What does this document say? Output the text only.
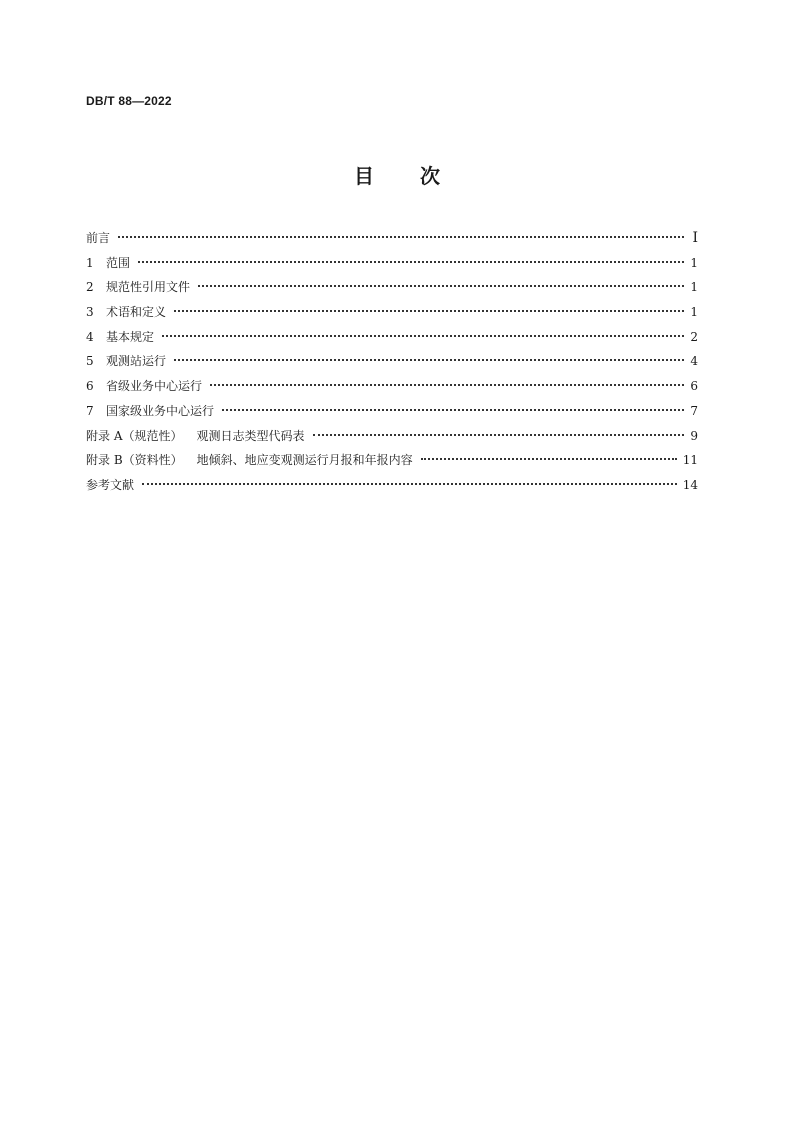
DB/T 88—2022
目 次
前言	I
1 范围	1
2 规范性引用文件	1
3 术语和定义	1
4 基本规定	2
5 观测站运行	4
6 省级业务中心运行	6
7 国家级业务中心运行	7
附录 A（规范性） 观测日志类型代码表	9
附录 B（资料性） 地倾斜、地应变观测运行月报和年报内容	11
参考文献	14
